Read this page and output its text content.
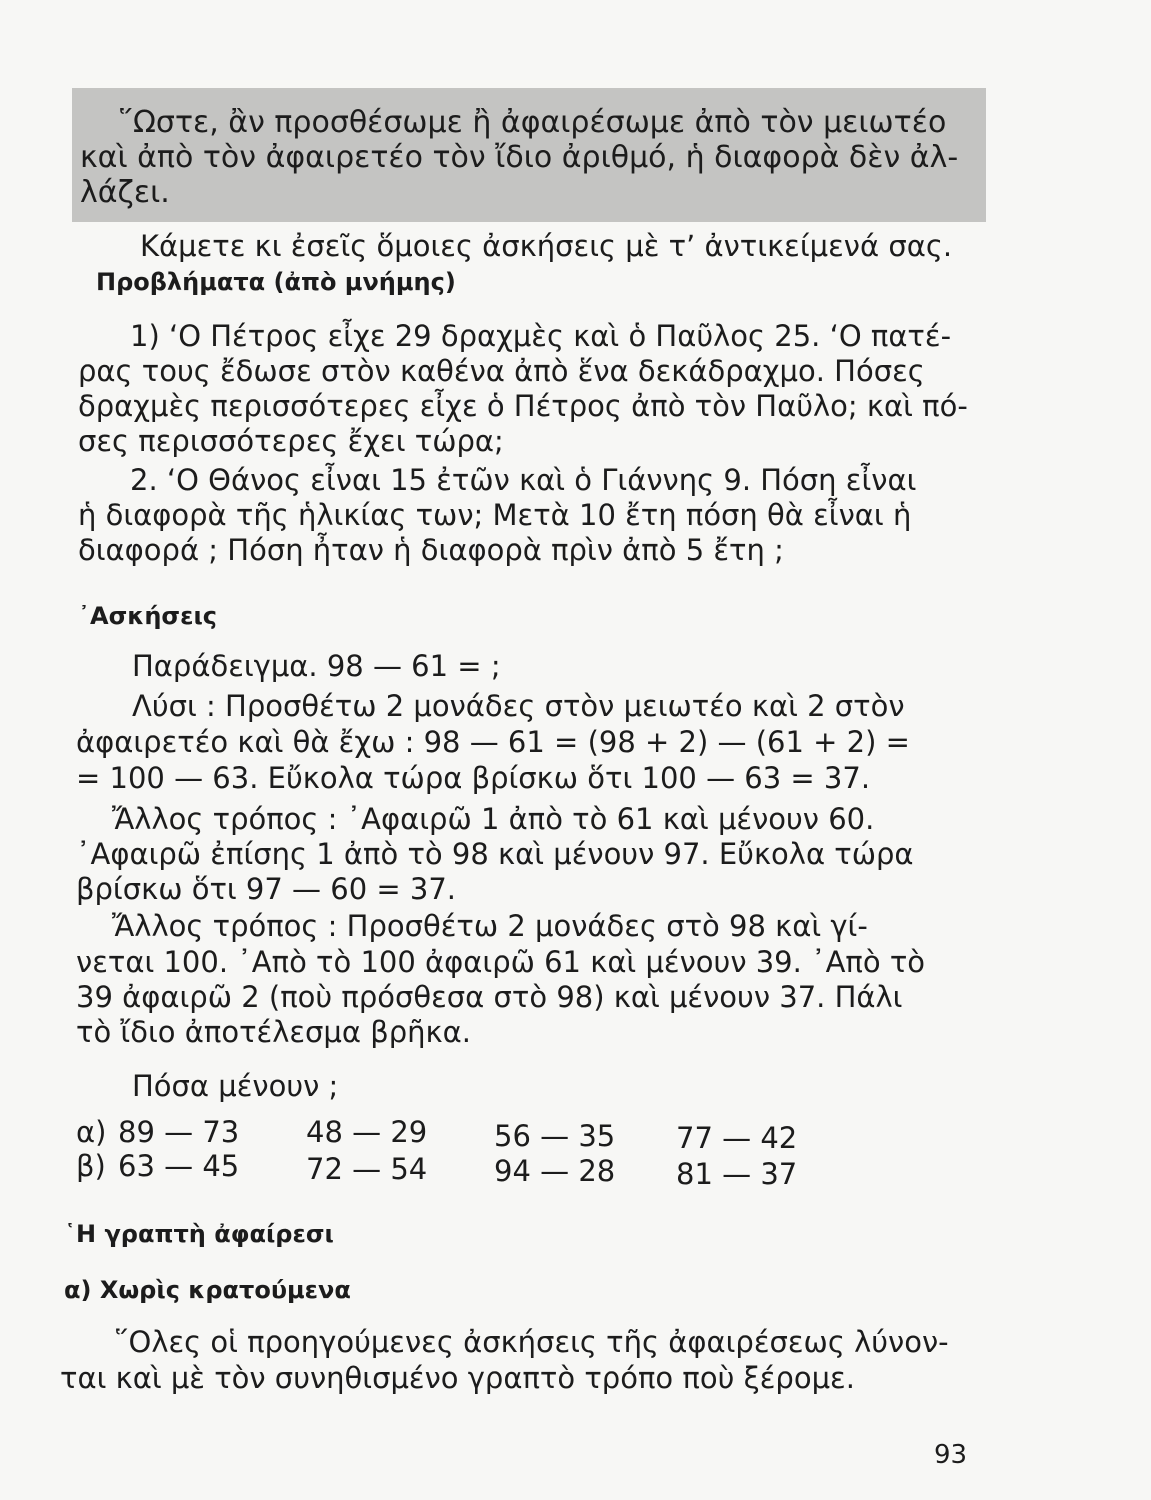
῞Ωστε, ἂν προσθέσωμε ἢ ἀφαιρέσωμε ἀπὸ τὸν μειωτέο
καὶ ἀπὸ τὸν ἀφαιρετέο τὸν ἴδιο ἀριθμό, ἡ διαφορὰ δὲν ἀλ-
λάζει.
Κάμετε κι ἐσεῖς ὅμοιες ἀσκήσεις μὲ τ’ ἀντικείμενά σας.
Προβλήματα (ἀπὸ μνήμης)
1) ‘Ο Πέτρος εἶχε 29 δραχμὲς καὶ ὁ Παῦλος 25. ‘Ο πατέ-
ρας τους ἔδωσε στὸν καθένα ἀπὸ ἕνα δεκάδραχμο. Πόσες
δραχμὲς περισσότερες εἶχε ὁ Πέτρος ἀπὸ τὸν Παῦλο; καὶ πό-
σες περισσότερες ἔχει τώρα;
2. ‘Ο Θάνος εἶναι 15 ἐτῶν καὶ ὁ Γιάννης 9. Πόση εἶναι
ἡ διαφορὰ τῆς ἡλικίας των; Μετὰ 10 ἔτη πόση θὰ εἶναι ἡ
διαφορά ; Πόση ἦταν ἡ διαφορὰ πρὶν ἀπὸ 5 ἔτη ;
᾿Ασκήσεις
Παράδειγμα. 98 — 61 = ;
Λύσι : Προσθέτω 2 μονάδες στὸν μειωτέο καὶ 2 στὸν
ἀφαιρετέο καὶ θὰ ἔχω : 98 — 61 = (98 + 2) — (61 + 2) =
= 100 — 63. Εὔκολα τώρα βρίσκω ὅτι 100 — 63 = 37.
Ἄλλος τρόπος : ᾿Αφαιρῶ 1 ἀπὸ τὸ 61 καὶ μένουν 60.
᾿Αφαιρῶ ἐπίσης 1 ἀπὸ τὸ 98 καὶ μένουν 97. Εὔκολα τώρα
βρίσκω ὅτι 97 — 60 = 37.
Ἄλλος τρόπος : Προσθέτω 2 μονάδες στὸ 98 καὶ γί-
νεται 100. ᾿Απὸ τὸ 100 ἀφαιρῶ 61 καὶ μένουν 39. ᾿Απὸ τὸ
39 ἀφαιρῶ 2 (ποὺ πρόσθεσα στὸ 98) καὶ μένουν 37. Πάλι
τὸ ἴδιο ἀποτέλεσμα βρῆκα.
Πόσα μένουν ;
α) 89 — 73 48 — 29 56 — 35 77 — 42
β) 63 — 45 72 — 54 94 — 28 81 — 37
῾Η γραπτὴ ἀφαίρεσι
α) Χωρὶς κρατούμενα
῞Ολες οἱ προηγούμενες ἀσκήσεις τῆς ἀφαιρέσεως λύνον-
ται καὶ μὲ τὸν συνηθισμένο γραπτὸ τρόπο ποὺ ξέρομε.
93
